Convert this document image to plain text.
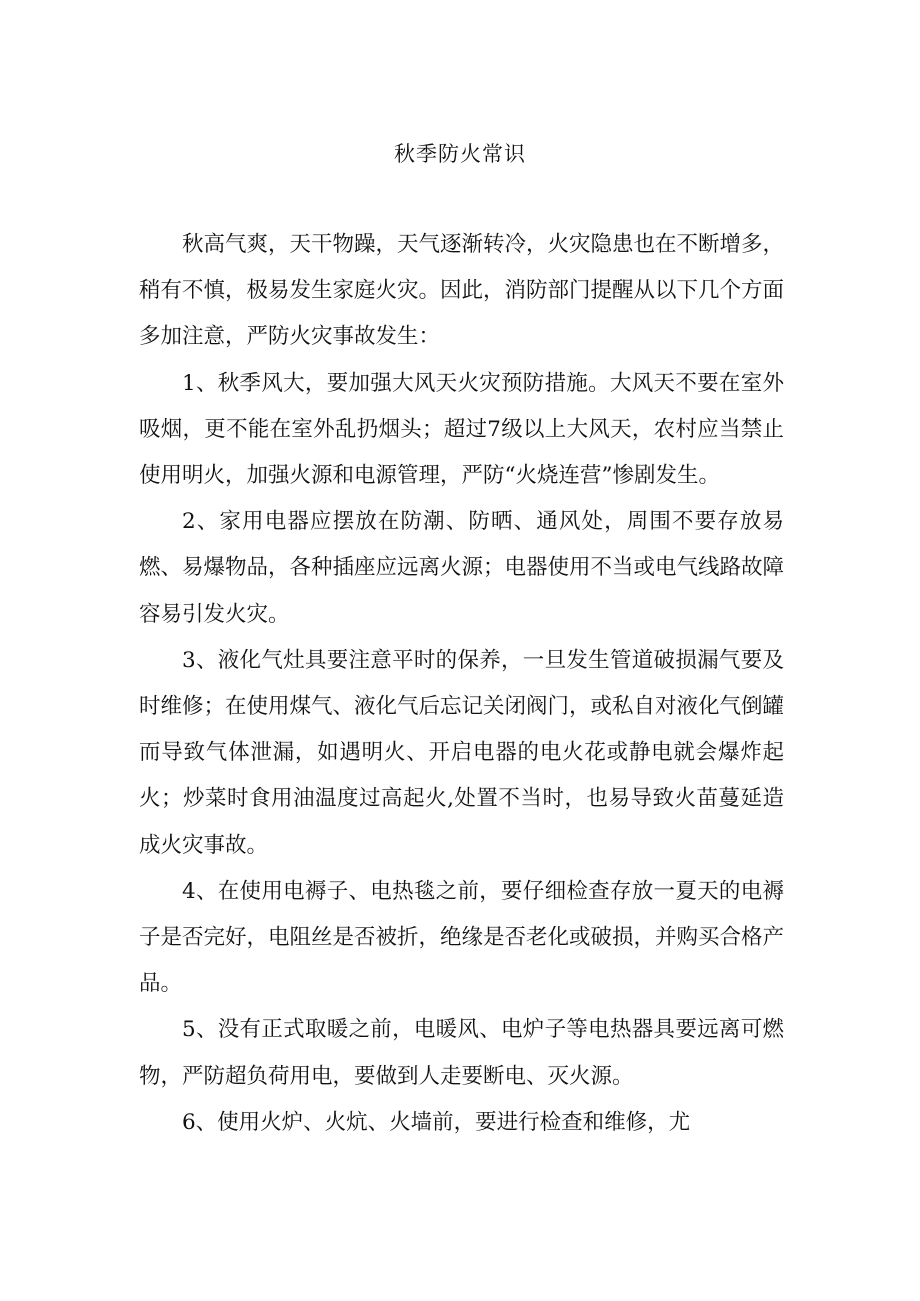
秋季防火常识

秋高气爽，天干物躁，天气逐渐转冷，火灾隐患也在不断增多，稍有不慎，极易发生家庭火灾。因此，消防部门提醒从以下几个方面多加注意，严防火灾事故发生：

1、秋季风大，要加强大风天火灾预防措施。大风天不要在室外吸烟，更不能在室外乱扔烟头；超过7级以上大风天，农村应当禁止使用明火，加强火源和电源管理，严防“火烧连营”惨剧发生。

2、家用电器应摆放在防潮、防晒、通风处，周围不要存放易燃、易爆物品，各种插座应远离火源；电器使用不当或电气线路故障容易引发火灾。

3、液化气灶具要注意平时的保养，一旦发生管道破损漏气要及时维修；在使用煤气、液化气后忘记关闭阀门，或私自对液化气倒罐而导致气体泄漏，如遇明火、开启电器的电火花或静电就会爆炸起火；炒菜时食用油温度过高起火,处置不当时，也易导致火苗蔓延造成火灾事故。

4、在使用电褥子、电热毯之前，要仔细检查存放一夏天的电褥子是否完好，电阻丝是否被折，绝缘是否老化或破损，并购买合格产品。

5、没有正式取暖之前，电暖风、电炉子等电热器具要远离可燃物，严防超负荷用电，要做到人走要断电、灭火源。

6、使用火炉、火炕、火墙前，要进行检查和维修，尤
